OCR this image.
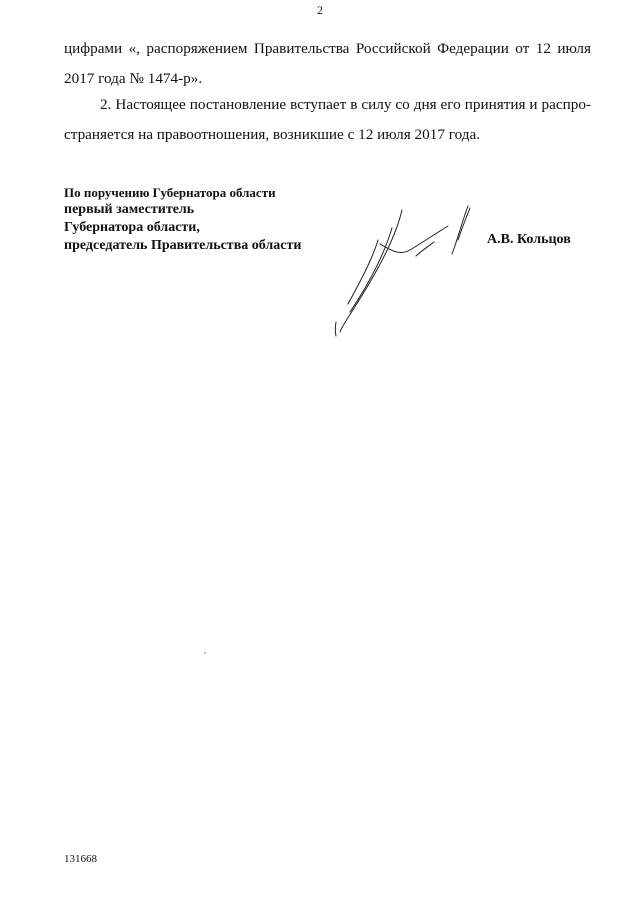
2

цифрами «, распоряжением Правительства Российской Федерации от 12 июля
2017 года № 1474-р».

2. Настоящее постановление вступает в силу со дня его принятия и распро-
страняется на правоотношения, возникшие с 12 июля 2017 года.

По поручению Губернатора области
первый заместитель
Губернатора области,
председатель Правительства области	А.В. Кольцов
131668
